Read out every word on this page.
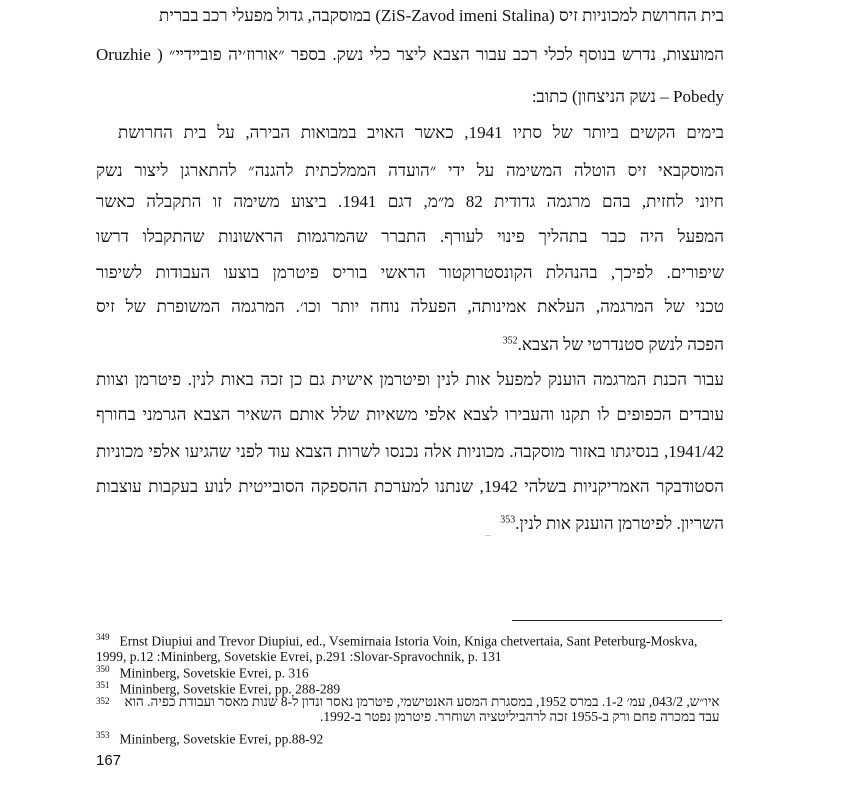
בית החרושת למכוניות זיס (ZiS-Zavod imeni Stalina) במוסקבה, גדול מפעלי רכב בברית
המועצות, נדרש בנוסף לכלי רכב עבור הצבא ליצר כלי נשק. בספר ״אורוז׳יה פובײדײ״ ( Oruzhie
Pobedy – נשק הניצחון) כתוב:
בימים הקשים ביותר של סתיו 1941, כאשר האויב במבואות הבירה, על בית החרושת
המוסקבאי זיס הוטלה המשימה על ידי ״הועדה הממלכתית להגנה״ להתארגן ליצור נשק
חיוני לחזית, בהם מרגמה גדודית 82 מ״מ, דגם 1941. ביצוע משימה זו התקבלה כאשר
המפעל היה כבר בתהליך פינוי לעורף. התברר שהמרגמות הראשונות שהתקבלו דרשו
שיפורים. לפיכך, בהנהלת הקונסטרוקטור הראשי בוריס פיטרמן בוצעו העבודות לשיפור
טכני של המרגמה, העלאת אמינותה, הפעלה נוחה יותר וכו׳. המרגמה המשופרת של זיס
הפכה לנשק סטנדרטי של הצבא.$^{352}$
עבור הכנת המרגמה הוענק למפעל אות לנין ופיטרמן אישית גם כן זכה באות לנין. פיטרמן וצוות
עובדים הכפופים לו תקנו והעבירו לצבא אלפי משאיות שלל אותם השאיר הצבא הגרמני בחורף
1941/42, בנסיגתו באזור מוסקבה. מכוניות אלה נכנסו לשרות הצבא עוד לפני שהגיעו אלפי מכוניות
הסטודבקר האמריקניות בשלהי 1942, שנתנו למערכת ההספקה הסובייטית לנוע בעקבות עוצבות
השריון. לפיטרמן הוענק אות לנין.$^{353}$
$^{349}$ Ernst Diupiui and Trevor Diupiui, ed., Vsemirnaia Istoria Voin, Kniga chetvertaia, Sant Peterburg-Moskva, 1999, p.12 :Mininberg, Sovetskie Evrei, p.291 :Slovar-Spravochnik, p. 131
$^{350}$ Mininberg, Sovetskie Evrei, p. 316
$^{351}$ Mininberg, Sovetskie Evrei, pp. 288-289
$^{352}$ איו״ש, 043/2, עמ׳ 1-2. במרס 1952, במסגרת המסע האנטישמי, פיטרמן נאסר ונדון ל-8 שנות מאסר ועבודת כפיה. הוא עבד במכרה פחם ורק ב-1955 זכה לרהביליטציה ושוחרר. פיטרמן נפטר ב-1992.
$^{353}$ Mininberg, Sovetskie Evrei, pp.88-92
167
